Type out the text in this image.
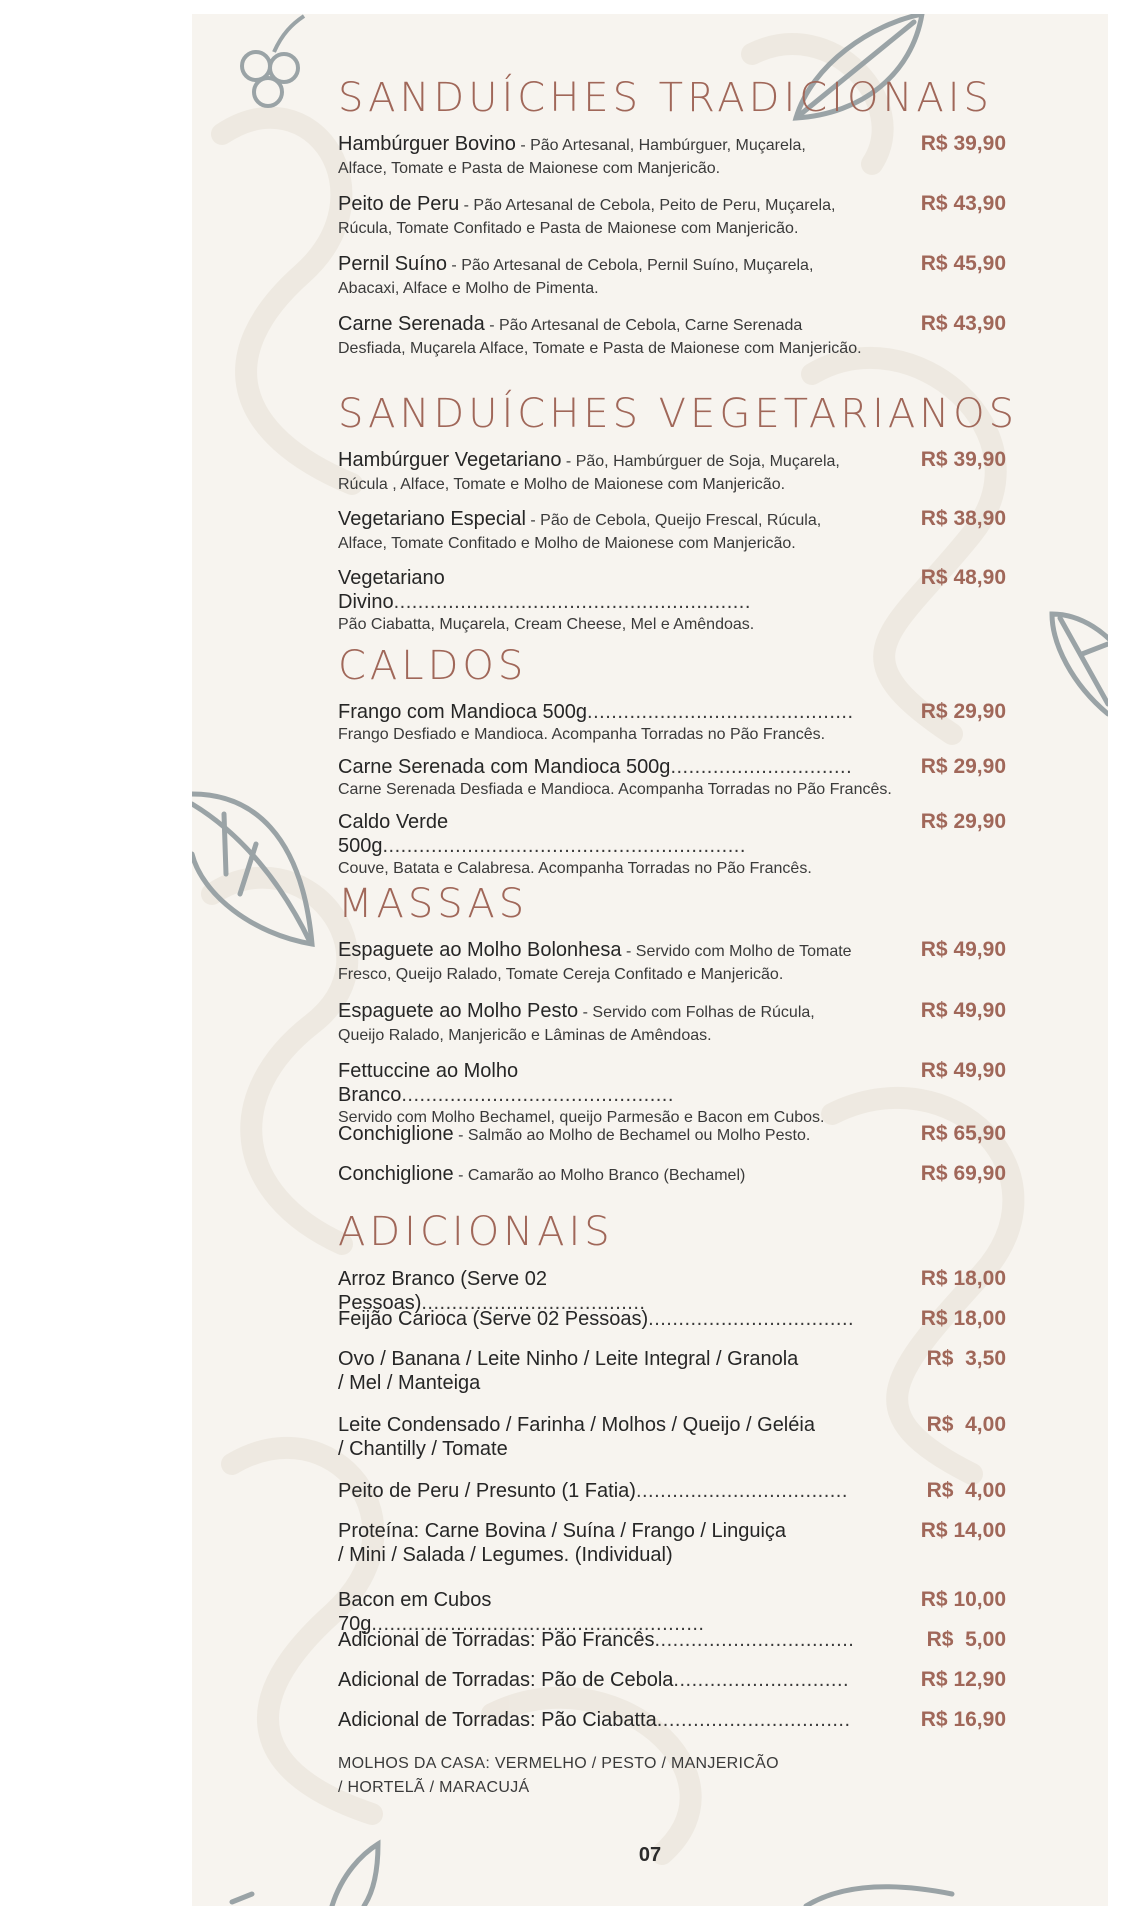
SANDUÍCHES TRADICIONAIS
Hambúrguer Bovino - Pão Artesanal, Hambúrguer, Muçarela,
Alface, Tomate e Pasta de Maionese com Manjericão.
R$ 39,90
Peito de Peru - Pão Artesanal de Cebola, Peito de Peru, Muçarela,
Rúcula, Tomate Confitado e Pasta de Maionese com Manjericão.
R$ 43,90
Pernil Suíno - Pão Artesanal de Cebola, Pernil Suíno, Muçarela,
Abacaxi, Alface e Molho de Pimenta.
R$ 45,90
Carne Serenada - Pão Artesanal de Cebola, Carne Serenada
Desfiada, Muçarela Alface, Tomate e Pasta de Maionese com Manjericão.
R$ 43,90
SANDUÍCHES VEGETARIANOS
Hambúrguer Vegetariano - Pão, Hambúrguer de Soja, Muçarela,
Rúcula , Alface, Tomate e Molho de Maionese com Manjericão.
R$ 39,90
Vegetariano Especial - Pão de Cebola, Queijo Frescal, Rúcula,
Alface, Tomate Confitado e Molho de Maionese com Manjericão.
R$ 38,90
Vegetariano Divino...........................................................
Pão Ciabatta, Muçarela, Cream Cheese, Mel e Amêndoas.
R$ 48,90
CALDOS
Frango com Mandioca 500g............................................
Frango Desfiado e Mandioca. Acompanha Torradas no Pão Francês.
R$ 29,90
Carne Serenada com Mandioca 500g..............................
Carne Serenada Desfiada e Mandioca. Acompanha Torradas no Pão Francês.
R$ 29,90
Caldo Verde 500g............................................................
Couve, Batata e Calabresa. Acompanha Torradas no Pão Francês.
R$ 29,90
MASSAS
Espaguete ao Molho Bolonhesa - Servido com Molho de Tomate
Fresco, Queijo Ralado, Tomate Cereja Confitado e Manjericão.
R$ 49,90
Espaguete ao Molho Pesto - Servido com Folhas de Rúcula,
Queijo Ralado, Manjericão e Lâminas de Amêndoas.
R$ 49,90
Fettuccine ao Molho Branco.............................................
Servido com Molho Bechamel, queijo Parmesão e Bacon em Cubos.
R$ 49,90
Conchiglione - Salmão ao Molho de Bechamel ou Molho Pesto.	R$ 65,90
Conchiglione - Camarão ao Molho Branco (Bechamel)	R$ 69,90
ADICIONAIS
Arroz Branco (Serve 02 Pessoas).....................................
R$ 18,00
Feijão Carioca (Serve 02 Pessoas)..................................	R$ 18,00
Ovo / Banana / Leite Ninho / Leite Integral / Granola
/ Mel / Manteiga
R$  3,50
Leite Condensado / Farinha / Molhos / Queijo / Geléia
/ Chantilly / Tomate
R$  4,00
Peito de Peru / Presunto (1 Fatia)...................................	R$  4,00
Proteína: Carne Bovina / Suína / Frango / Linguiça
/ Mini / Salada / Legumes. (Individual)
R$ 14,00
Bacon em Cubos 70g.......................................................
R$ 10,00
Adicional de Torradas: Pão Francês.................................	R$  5,00
Adicional de Torradas: Pão de Cebola.............................	R$ 12,90
Adicional de Torradas: Pão Ciabatta................................	R$ 16,90
MOLHOS DA CASA: VERMELHO / PESTO / MANJERICÃO
/ HORTELÃ / MARACUJÁ
07
